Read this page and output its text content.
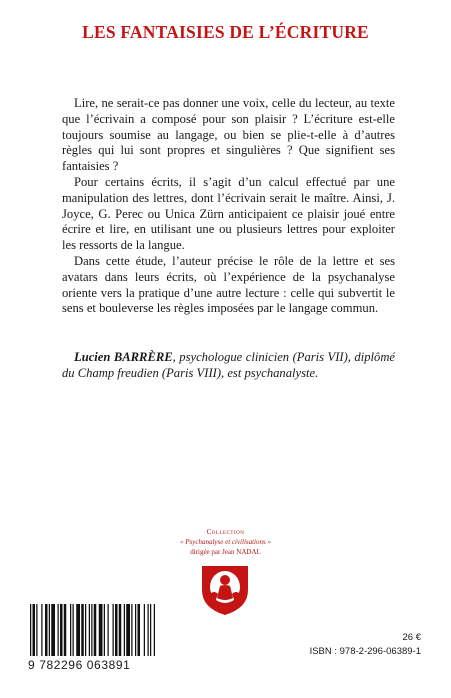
LES FANTAISIES DE L’ÉCRITURE

Lire, ne serait-ce pas donner une voix, celle du lecteur, au texte que l’écrivain a composé pour son plaisir ? L’écriture est-elle toujours soumise au langage, ou bien se plie-t-elle à d’autres règles qui lui sont propres et singulières ? Que signifient ses fantaisies ?

Pour certains écrits, il s’agit d’un calcul effectué par une manipulation des lettres, dont l’écrivain serait le maître. Ainsi, J. Joyce, G. Perec ou Unica Zürn anticipaient ce plaisir joué entre écrire et lire, en utilisant une ou plusieurs lettres pour exploiter les ressorts de la langue.

Dans cette étude, l’auteur précise le rôle de la lettre et ses avatars dans leurs écrits, où l’expérience de la psychanalyse oriente vers la pratique d’une autre lecture : celle qui subvertit le sens et bouleverse les règles imposées par le langage commun.

Lucien BARRÈRE, psychologue clinicien (Paris VII), diplômé du Champ freudien (Paris VIII), est psychanalyste.
Collection
« Psychanalyse et civilisations »
dirigée par Jean NADAL
9 782296 063891
26 €
ISBN : 978-2-296-06389-1
